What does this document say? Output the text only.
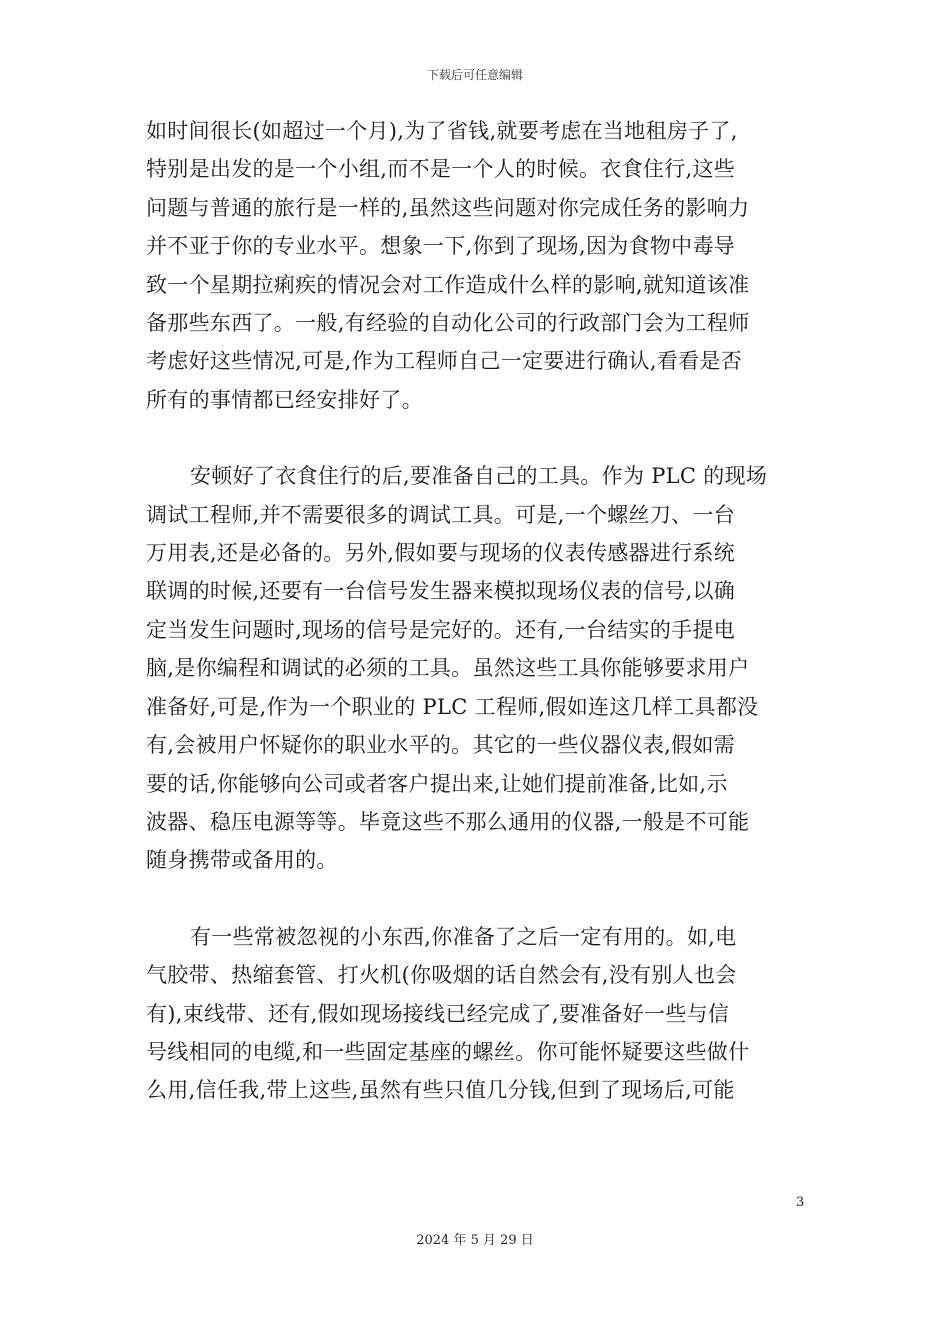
下载后可任意编辑

如时间很长(如超过一个月),为了省钱,就要考虑在当地租房子了,
特别是出发的是一个小组,而不是一个人的时候。衣食住行,这些
问题与普通的旅行是一样的,虽然这些问题对你完成任务的影响力
并不亚于你的专业水平。想象一下,你到了现场,因为食物中毒导
致一个星期拉痢疾的情况会对工作造成什么样的影响,就知道该准
备那些东西了。一般,有经验的自动化公司的行政部门会为工程师
考虑好这些情况,可是,作为工程师自己一定要进行确认,看看是否
所有的事情都已经安排好了。

安顿好了衣食住行的后,要准备自己的工具。作为 PLC 的现场
调试工程师,并不需要很多的调试工具。可是,一个螺丝刀、一台
万用表,还是必备的。另外,假如要与现场的仪表传感器进行系统
联调的时候,还要有一台信号发生器来模拟现场仪表的信号,以确
定当发生问题时,现场的信号是完好的。还有,一台结实的手提电
脑,是你编程和调试的必须的工具。虽然这些工具你能够要求用户
准备好,可是,作为一个职业的 PLC 工程师,假如连这几样工具都没
有,会被用户怀疑你的职业水平的。其它的一些仪器仪表,假如需
要的话,你能够向公司或者客户提出来,让她们提前准备,比如,示
波器、稳压电源等等。毕竟这些不那么通用的仪器,一般是不可能
随身携带或备用的。

有一些常被忽视的小东西,你准备了之后一定有用的。如,电
气胶带、热缩套管、打火机(你吸烟的话自然会有,没有别人也会
有),束线带、还有,假如现场接线已经完成了,要准备好一些与信
号线相同的电缆,和一些固定基座的螺丝。你可能怀疑要这些做什
么用,信任我,带上这些,虽然有些只值几分钱,但到了现场后,可能

3
2024 年 5 月 29 日
